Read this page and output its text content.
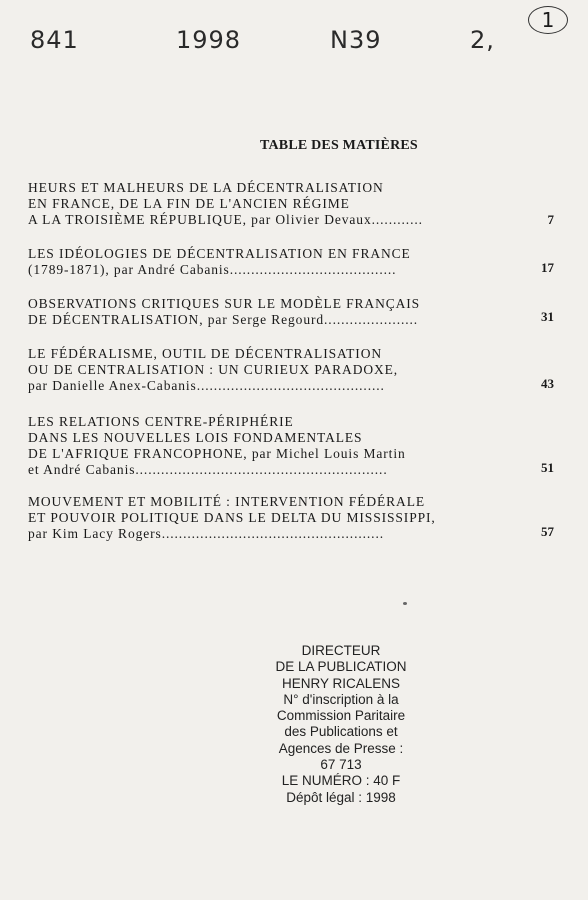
841	1998	N39	2,
1
TABLE DES MATIÈRES
HEURS ET MALHEURS DE LA DÉCENTRALISATION
EN FRANCE, DE LA FIN DE L'ANCIEN RÉGIME
A LA TROISIÈME RÉPUBLIQUE, par Olivier Devaux............	7
LES IDÉOLOGIES DE DÉCENTRALISATION EN FRANCE
(1789-1871), par André Cabanis.......................................	17
OBSERVATIONS CRITIQUES SUR LE MODÈLE FRANÇAIS
DE DÉCENTRALISATION, par Serge Regourd......................	31
LE FÉDÉRALISME, OUTIL DE DÉCENTRALISATION
OU DE CENTRALISATION : UN CURIEUX PARADOXE,
par Danielle Anex-Cabanis............................................	43
LES RELATIONS CENTRE-PÉRIPHÉRIE
DANS LES NOUVELLES LOIS FONDAMENTALES
DE L'AFRIQUE FRANCOPHONE, par Michel Louis Martin
et André Cabanis...........................................................	51
MOUVEMENT ET MOBILITÉ : INTERVENTION FÉDÉRALE
ET POUVOIR POLITIQUE DANS LE DELTA DU MISSISSIPPI,
par Kim Lacy Rogers....................................................	57
DIRECTEUR
DE LA PUBLICATION
HENRY RICALENS
N° d'inscription à la
Commission Paritaire
des Publications et
Agences de Presse :
67 713
LE NUMÉRO : 40 F
Dépôt légal : 1998
